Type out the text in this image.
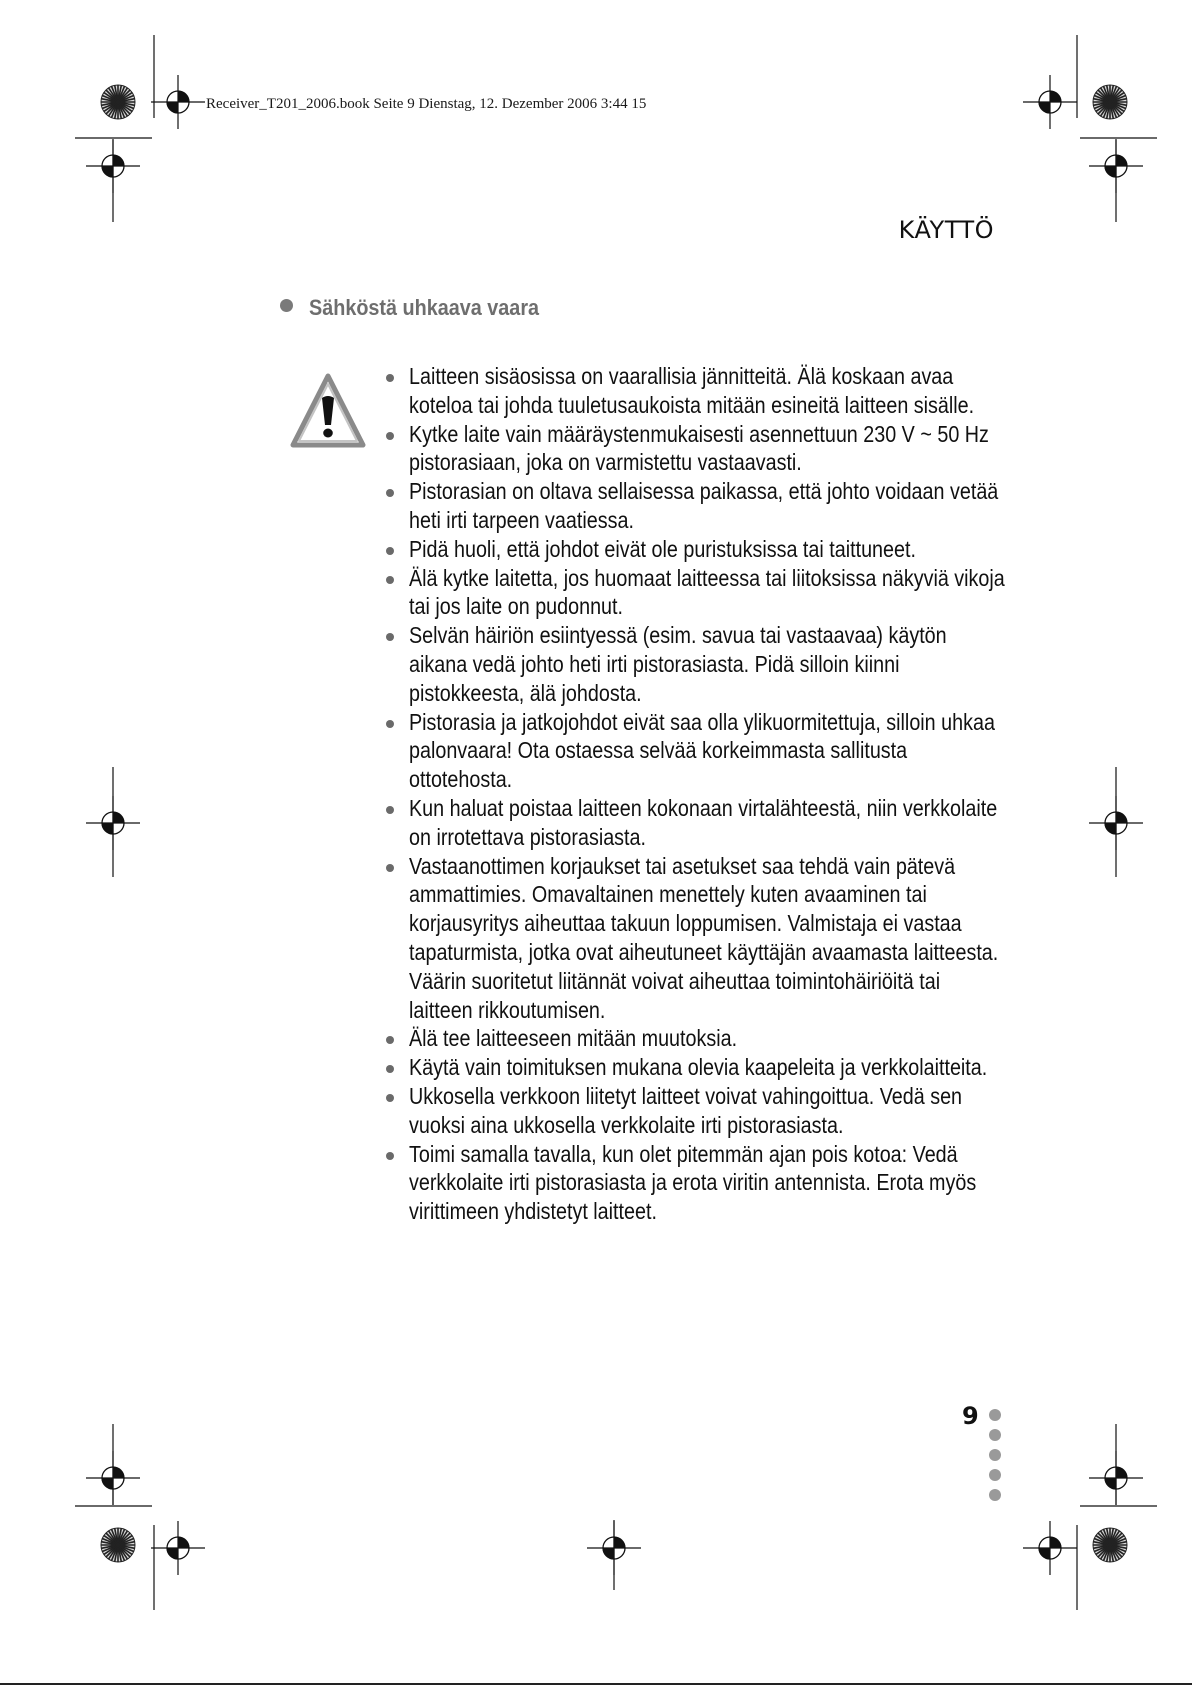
Receiver_T201_2006.book Seite 9 Dienstag, 12. Dezember 2006 3:44 15
KÄYTTÖ
Sähköstä uhkaava vaara
Laitteen sisäosissa on vaarallisia jännitteitä. Älä koskaan avaa koteloa tai johda tuuletusaukoista mitään esineitä laitteen sisälle.
Kytke laite vain määräystenmukaisesti asennettuun 230 V ~ 50 Hz pistorasiaan, joka on varmistettu vastaavasti.
Pistorasian on oltava sellaisessa paikassa, että johto voidaan vetää heti irti tarpeen vaatiessa.
Pidä huoli, että johdot eivät ole puristuksissa tai taittuneet.
Älä kytke laitetta, jos huomaat laitteessa tai liitoksissa näkyviä vikoja tai jos laite on pudonnut.
Selvän häiriön esiintyessä (esim. savua tai vastaavaa) käytön aikana vedä johto heti irti pistorasiasta. Pidä silloin kiinni pistokkeesta, älä johdosta.
Pistorasia ja jatkojohdot eivät saa olla ylikuormitettuja, silloin uhkaa palonvaara! Ota ostaessa selvää korkeimmasta sallitusta ottotehosta.
Kun haluat poistaa laitteen kokonaan virtalähteestä, niin verkkolaite on irrotettava pistorasiasta.
Vastaanottimen korjaukset tai asetukset saa tehdä vain pätevä ammattimies. Omavaltainen menettely kuten avaaminen tai korjausyritys aiheuttaa takuun loppumisen. Valmistaja ei vastaa tapaturmista, jotka ovat aiheutuneet käyttäjän avaamasta laitteesta. Väärin suoritetut liitännät voivat aiheuttaa toimintohäiriöitä tai laitteen rikkoutumisen.
Älä tee laitteeseen mitään muutoksia.
Käytä vain toimituksen mukana olevia kaapeleita ja verkkolaitteita.
Ukkosella verkkoon liitetyt laitteet voivat vahingoittua. Vedä sen vuoksi aina ukkosella verkkolaite irti pistorasiasta.
Toimi samalla tavalla, kun olet pitemmän ajan pois kotoa: Vedä verkkolaite irti pistorasiasta ja erota viritin antennista. Erota myös virittimeen yhdistetyt laitteet.
9
